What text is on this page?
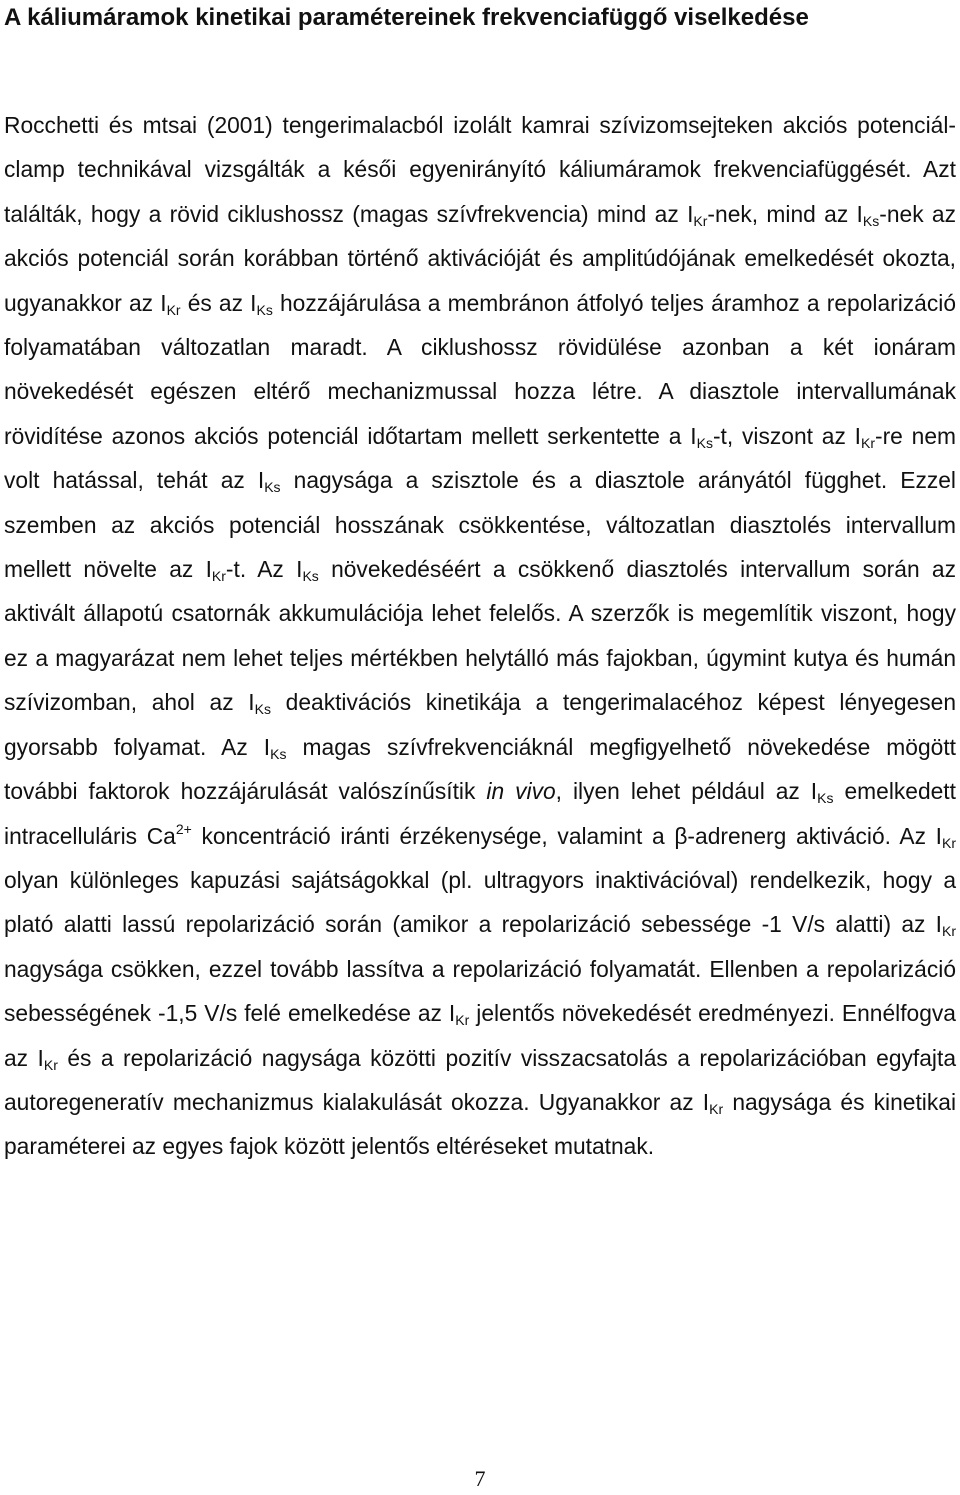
A káliumáramok kinetikai paramétereinek frekvenciafüggő viselkedése
Rocchetti és mtsai (2001) tengerimalacból izolált kamrai szívizomsejteken akciós potenciál-clamp technikával vizsgálták a késői egyenirányító káliumáramok frekvenciafüggését. Azt találták, hogy a rövid ciklushossz (magas szívfrekvencia) mind az $I_{Kr}$-nek, mind az $I_{Ks}$-nek az akciós potenciál során korábban történő aktivációját és amplitúdójának emelkedését okozta, ugyanakkor az $I_{Kr}$ és az $I_{Ks}$ hozzájárulása a membránon átfolyó teljes áramhoz a repolarizáció folyamatában változatlan maradt. A ciklushossz rövidülése azonban a két ionáram növekedését egészen eltérő mechanizmussal hozza létre. A diasztole intervallumának rövidítése azonos akciós potenciál időtartam mellett serkentette a $I_{Ks}-t$, viszont az $I_{Kr}-re$ nem volt hatással, tehát az $I_{Ks}$ nagysága a szisztole és a diasztole arányától függhet. Ezzel szemben az akciós potenciál hosszának csökkentése, változatlan diasztolés intervallum mellett növelte az $I_{Kr}-t$. Az $I_{Ks}$ növekedéséért a csökkenő diasztolés intervallum során az aktivált állapotú csatornák akkumulációja lehet felelős. A szerzők is megemlítik viszont, hogy ez a magyarázat nem lehet teljes mértékben helytálló más fajokban, úgymint kutya és humán szívizomban, ahol az $I_{Ks}$ deaktivációs kinetikája a tengerimalacéhoz képest lényegesen gyorsabb folyamat. Az $I_{Ks}$ magas szívfrekvenciáknál megfigyelhető növekedése mögött további faktorok hozzájárulását valószínűsítik in vivo, ilyen lehet például az $I_{Ks}$ emelkedett intracelluláris $Ca^{2+}$ koncentráció iránti érzékenysége, valamint a β-adrenerg aktiváció. Az $I_{Kr}$ olyan különleges kapuzási sajátságokkal (pl. ultragyors inaktivációval) rendelkezik, hogy a plató alatti lassú repolarizáció során (amikor a repolarizáció sebessége -1 V/s alatti) az $I_{Kr}$ nagysága csökken, ezzel tovább lassítva a repolarizáció folyamatát. Ellenben a repolarizáció sebességének -1,5 V/s felé emelkedése az $I_{Kr}$ jelentős növekedését eredményezi. Ennélfogva az $I_{Kr}$ és a repolarizáció nagysága közötti pozitív visszacsatolás a repolarizációban egyfajta autoregeneratív mechanizmus kialakulását okozza. Ugyanakkor az $I_{Kr}$ nagysága és kinetikai paraméterei az egyes fajok között jelentős eltéréseket mutatnak.
7
